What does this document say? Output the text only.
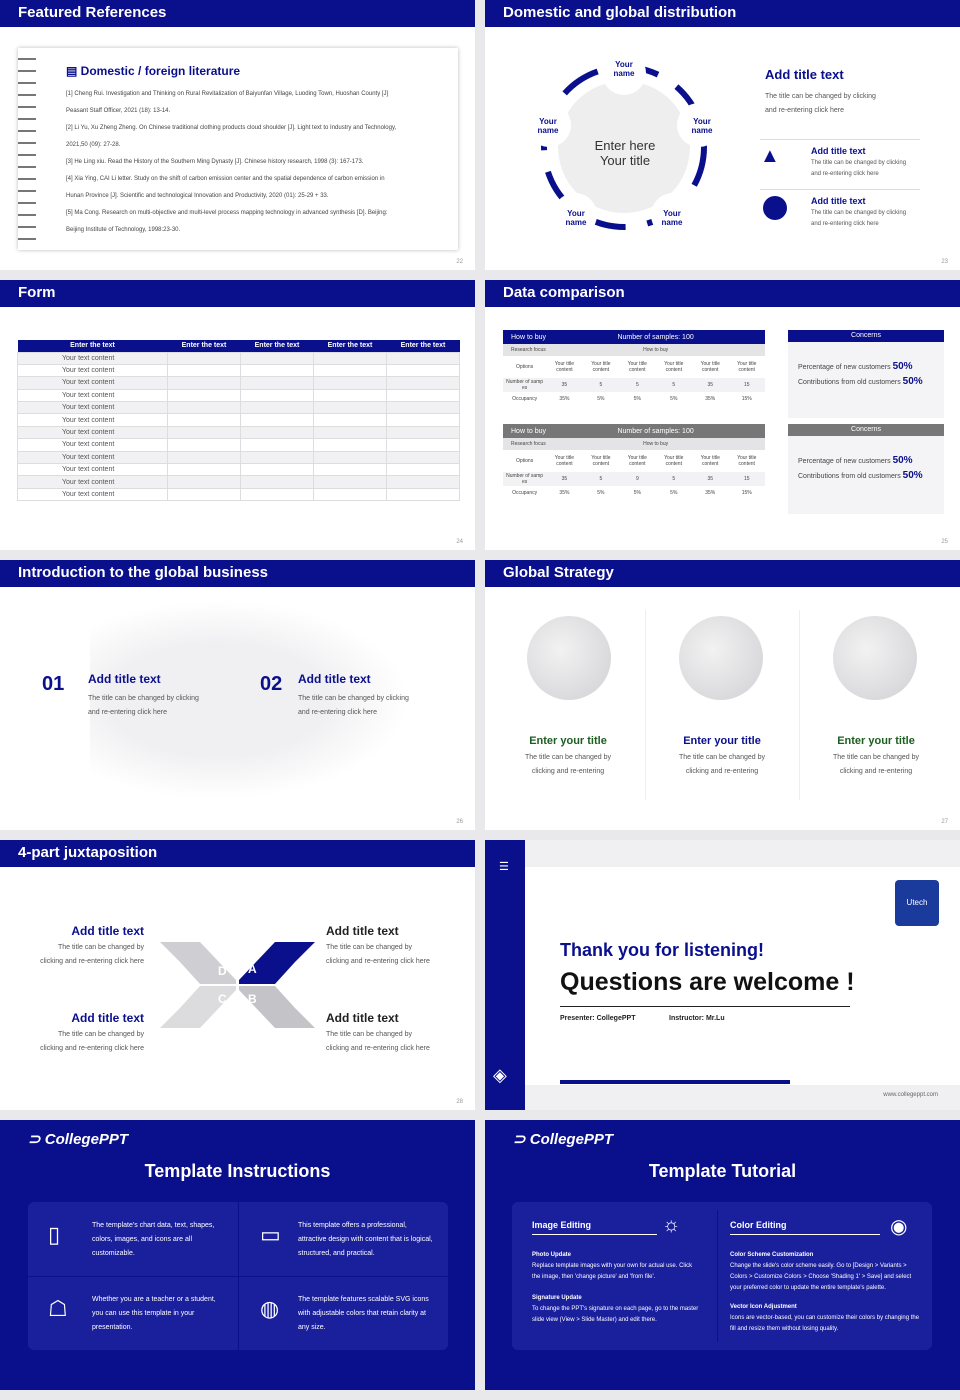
Featured References
▤ Domestic / foreign literature
[1] Cheng Rui. Investigation and Thinking on Rural Revitalization of Baiyunfan Village, Luoding Town, Huoshan County [J]
Peasant Staff Officer, 2021 (18): 13-14.
[2] Li Yu, Xu Zheng Zheng. On Chinese traditional clothing products cloud shoulder [J]. Light text to Industry and Technology,
2021,50 (09): 27-28.
[3] He Ling xiu. Read the History of the Southern Ming Dynasty [J]. Chinese history research, 1998 (3): 167-173.
[4] Xia Ying, CAI Li letter. Study on the shift of carbon emission center and the spatial dependence of carbon emission in
Hunan Province [J]. Scientific and technological Innovation and Productivity, 2020 (01): 25-29 + 33.
[5] Ma Cong. Research on multi-objective and multi-level process mapping technology in advanced synthesis [D]. Beijing:
Beijing Institute of Technology, 1998:23-30.
22
Domestic and global distribution
Enter here
Your title
Your name
Your name
Your name
Your name
Your name
Add title text
The title can be changed by clicking
and re-entering click here
▲	Add title text
The title can be changed by clicking
and re-entering click here
Add title text
The title can be changed by clicking
and re-entering click here
23
Form
Enter the text	Enter the text	Enter the text	Enter the text	Enter the text
Your text content				
Your text content				
Your text content				
Your text content				
Your text content				
Your text content				
Your text content				
Your text content				
Your text content				
Your text content				
Your text content				
Your text content				
24
Data comparison
How to buy	Number of samples: 100					
Research focus	How to buy					
Options	Your title content	Your title content	Your title content	Your title content	Your title content	Your title content
Number of samp es	35	5	5	5	35	15
Occupancy	35%	5%	5%	5%	35%	15%
How to buy	Number of samples: 100					
Research focus	How to buy					
Options	Your title content	Your title content	Your title content	Your title content	Your title content	Your title content
Number of samp es	35	5	9	5	35	15
Occupancy	35%	5%	5%	5%	35%	15%
Concerns
Percentage of new customers 50%
Contributions from old customers 50%
Concerns
Percentage of new customers 50%
Contributions from old customers 50%
25
Introduction to the global business
01 Add title text
The title can be changed by clicking
and re-entering click here
02 Add title text
The title can be changed by clicking
and re-entering click here
26
Global Strategy
Enter your title
The title can be changed by
clicking and re-entering
Enter your title
The title can be changed by
clicking and re-entering
Enter your title
The title can be changed by
clicking and re-entering
27
4-part juxtaposition
Add title text
The title can be changed by
clicking and re-entering click here
Add title text
The title can be changed by
clicking and re-entering click here
Add title text
The title can be changed by
clicking and re-entering click here
Add title text
The title can be changed by
clicking and re-entering click here
D A
C B
28
☰
◈
Utech
Thank you for listening!
Questions are welcome !
Presenter: CollegePPT	Instructor: Mr.Lu
www.collegeppt.com
⊃ CollegePPT
Template Instructions
▯	The template's chart data, text, shapes, colors, images, and icons are all customizable.
▭ This template offers a professional, attractive design with content that is logical, structured, and practical.
☖	Whether you are a teacher or a student, you can use this template in your presentation.
◍	The template features scalable SVG icons with adjustable colors that retain clarity at any size.
⊃ CollegePPT
Template Tutorial
Image Editing	☼
Photo Update
Replace template images with your own for actual use. Click the image, then 'change picture' and 'from file'.
Signature Update
To change the PPT's signature on each page, go to the master slide view (View > Slide Master) and edit there.
Color Editing	◉
Color Scheme Customization
Change the slide's color scheme easily. Go to [Design > Variants > Colors > Customize Colors > Choose 'Shading 1' > Save] and select your preferred color to update the entire template's palette.
Vector Icon Adjustment
Icons are vector-based, you can customize their colors by changing the fill and resize them without losing quality.
